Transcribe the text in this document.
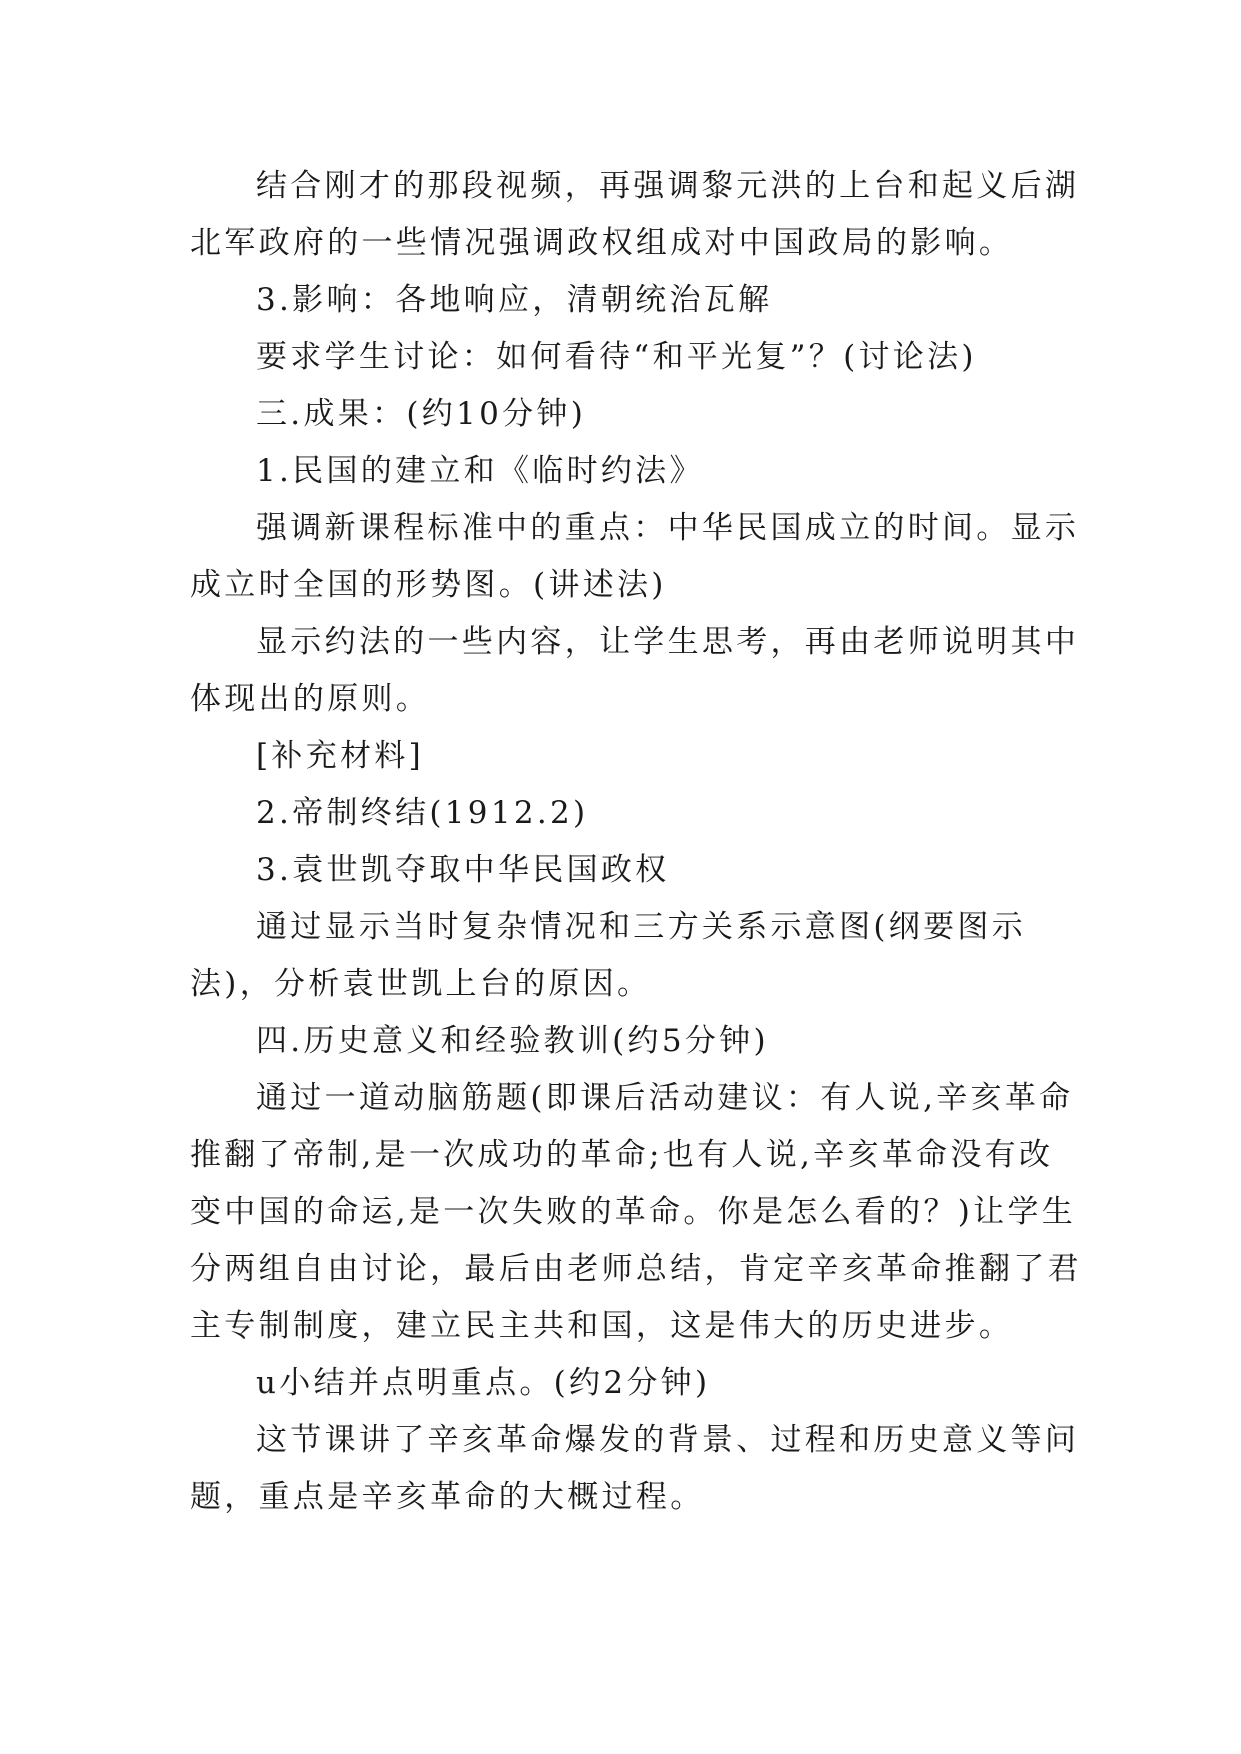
结合刚才的那段视频，再强调黎元洪的上台和起义后湖

北军政府的一些情况强调政权组成对中国政局的影响。

3.影响：各地响应，清朝统治瓦解

要求学生讨论：如何看待“和平光复”？(讨论法)

三.成果：(约10分钟)

1.民国的建立和《临时约法》

强调新课程标准中的重点：中华民国成立的时间。显示

成立时全国的形势图。(讲述法)

显示约法的一些内容，让学生思考，再由老师说明其中

体现出的原则。

[补充材料]

2.帝制终结(1912.2)

3.袁世凯夺取中华民国政权

通过显示当时复杂情况和三方关系示意图(纲要图示

法)，分析袁世凯上台的原因。

四.历史意义和经验教训(约5分钟)

通过一道动脑筋题(即课后活动建议：有人说,辛亥革命

推翻了帝制,是一次成功的革命;也有人说,辛亥革命没有改

变中国的命运,是一次失败的革命。你是怎么看的？)让学生

分两组自由讨论，最后由老师总结，肯定辛亥革命推翻了君

主专制制度，建立民主共和国，这是伟大的历史进步。

u小结并点明重点。(约2分钟)

这节课讲了辛亥革命爆发的背景、过程和历史意义等问

题，重点是辛亥革命的大概过程。
